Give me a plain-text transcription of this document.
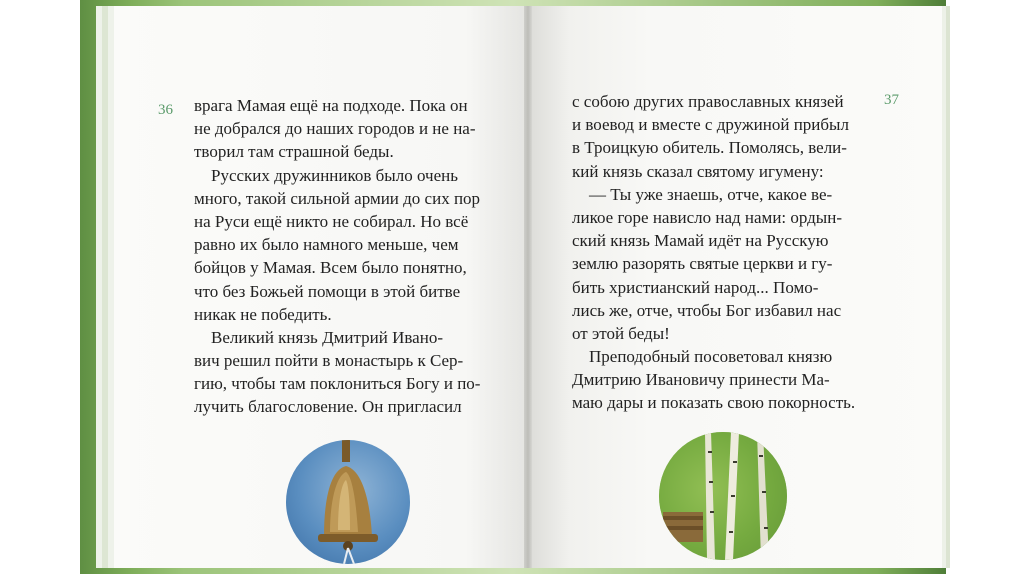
36
37
врага Мамая ещё на подходе. Пока он
не добрался до наших городов и не на-
творил там страшной беды.
Русских дружинников было очень
много, такой сильной армии до сих пор
на Руси ещё никто не собирал. Но всё
равно их было намного меньше, чем
бойцов у Мамая. Всем было понятно,
что без Божьей помощи в этой битве
никак не победить.
Великий князь Дмитрий Ивано-
вич решил пойти в монастырь к Сер-
гию, чтобы там поклониться Богу и по-
лучить благословение. Он пригласил
с собою других православных князей
и воевод и вместе с дружиной прибыл
в Троицкую обитель. Помолясь, вели-
кий князь сказал святому игумену:
— Ты уже знаешь, отче, какое ве-
ликое горе нависло над нами: ордын-
ский князь Мамай идёт на Русскую
землю разорять святые церкви и гу-
бить христианский народ... Помо-
лись же, отче, чтобы Бог избавил нас
от этой беды!
Преподобный посоветовал князю
Дмитрию Ивановичу принести Ма-
маю дары и показать свою покорность.
